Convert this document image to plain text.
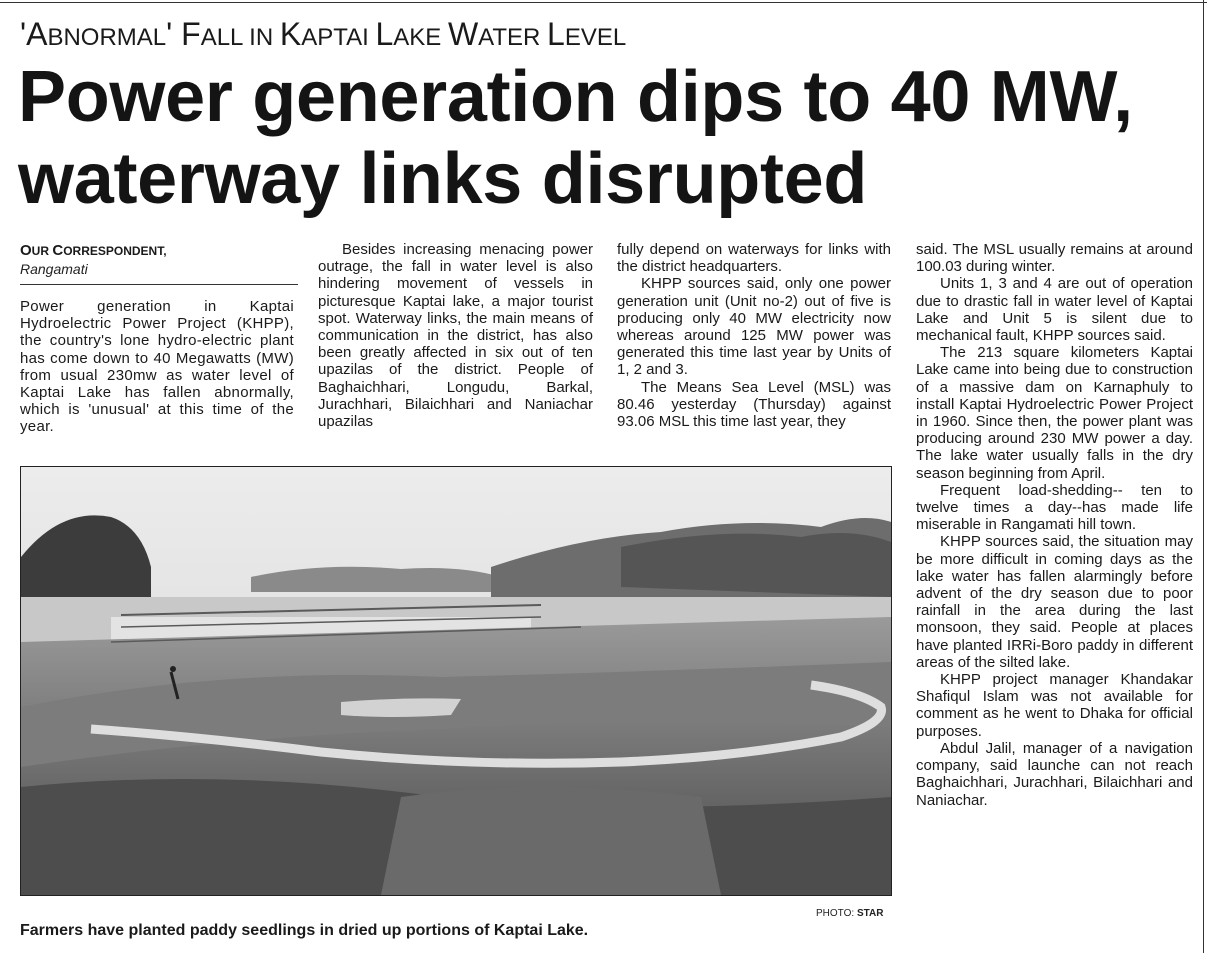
'ABNORMAL' FALL IN KAPTAI LAKE WATER LEVEL
Power generation dips to 40 MW,
waterway links disrupted
OUR CORRESPONDENT,
Rangamati

Power generation in Kaptai Hydroelectric Power Project (KHPP), the country's lone hydro-electric plant has come down to 40 Megawatts (MW) from usual 230mw as water level of Kaptai Lake has fallen abnormally, which is 'unusual' at this time of the year.

Besides increasing menacing power outrage, the fall in water level is also hindering movement of vessels in picturesque Kaptai lake, a major tourist spot. Waterway links, the main means of communication in the district, has also been greatly affected in six out of ten upazilas of the district. People of Baghaichhari, Longudu, Barkal, Jurachhari, Bilaichhari and Naniachar upazilas

fully depend on waterways for links with the district headquarters.

KHPP sources said, only one power generation unit (Unit no-2) out of five is producing only 40 MW electricity now whereas around 125 MW power was generated this time last year by Units of 1, 2 and 3.

The Means Sea Level (MSL) was 80.46 yesterday (Thursday) against 93.06 MSL this time last year, they

said. The MSL usually remains at around 100.03 during winter.

Units 1, 3 and 4 are out of operation due to drastic fall in water level of Kaptai Lake and Unit 5 is silent due to mechanical fault, KHPP sources said.

The 213 square kilometers Kaptai Lake came into being due to construction of a massive dam on Karnaphuly to install Kaptai Hydroelectric Power Project in 1960. Since then, the power plant was producing around 230 MW power a day. The lake water usually falls in the dry season beginning from April.

Frequent load-shedding-- ten to twelve times a day--has made life miserable in Rangamati hill town.

KHPP sources said, the situation may be more difficult in coming days as the lake water has fallen alarmingly before advent of the dry season due to poor rainfall in the area during the last monsoon, they said. People at places have planted IRRi-Boro paddy in different areas of the silted lake.

KHPP project manager Khandakar Shafiqul Islam was not available for comment as he went to Dhaka for official purposes.

Abdul Jalil, manager of a navigation company, said launche can not reach Baghaichhari, Jurachhari, Bilaichhari and Naniachar.

PHOTO: STAR
Farmers have planted paddy seedlings in dried up portions of Kaptai Lake.
